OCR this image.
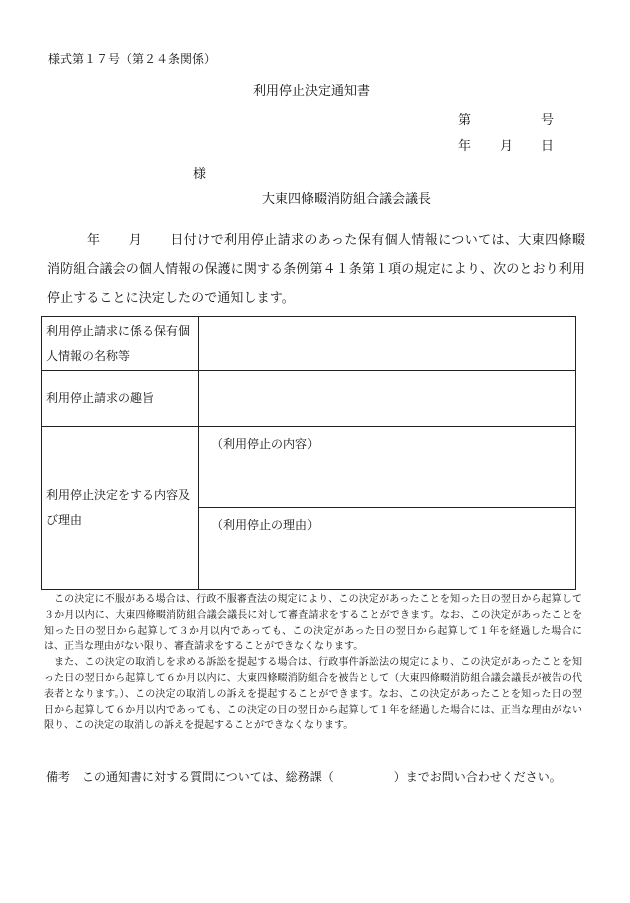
様式第１７号（第２４条関係）
利用停止決定通知書
第	号
年 月 日
様
大東四條畷消防組合議会議長
年 月 日付けで利用停止請求のあった保有個人情報については、大東四條畷消防組合議会の個人情報の保護に関する条例第４１条第１項の規定により、次のとおり利用停止することに決定したので通知します。
利用停止請求に係る保有個人情報の名称等	
利用停止請求の趣旨	
利用停止決定をする内容及び理由	（利用停止の内容）

	（利用停止の理由）

この決定に不服がある場合は、行政不服審査法の規定により、この決定があったことを知った日の翌日から起算して３か月以内に、大東四條畷消防組合議会議長に対して審査請求をすることができます。なお、この決定があったことを知った日の翌日から起算して３か月以内であっても、この決定があった日の翌日から起算して１年を経過した場合には、正当な理由がない限り、審査請求をすることができなくなります。

また、この決定の取消しを求める訴訟を提起する場合は、行政事件訴訟法の規定により、この決定があったことを知った日の翌日から起算して６か月以内に、大東四條畷消防組合を被告として（大東四條畷消防組合議会議長が被告の代表者となります。）、この決定の取消しの訴えを提起することができます。なお、この決定があったことを知った日の翌日から起算して６か月以内であっても、この決定の日の翌日から起算して１年を経過した場合には、正当な理由がない限り、この決定の取消しの訴えを提起することができなくなります。

備考　この通知書に対する質問については、総務課（	）までお問い合わせください。
